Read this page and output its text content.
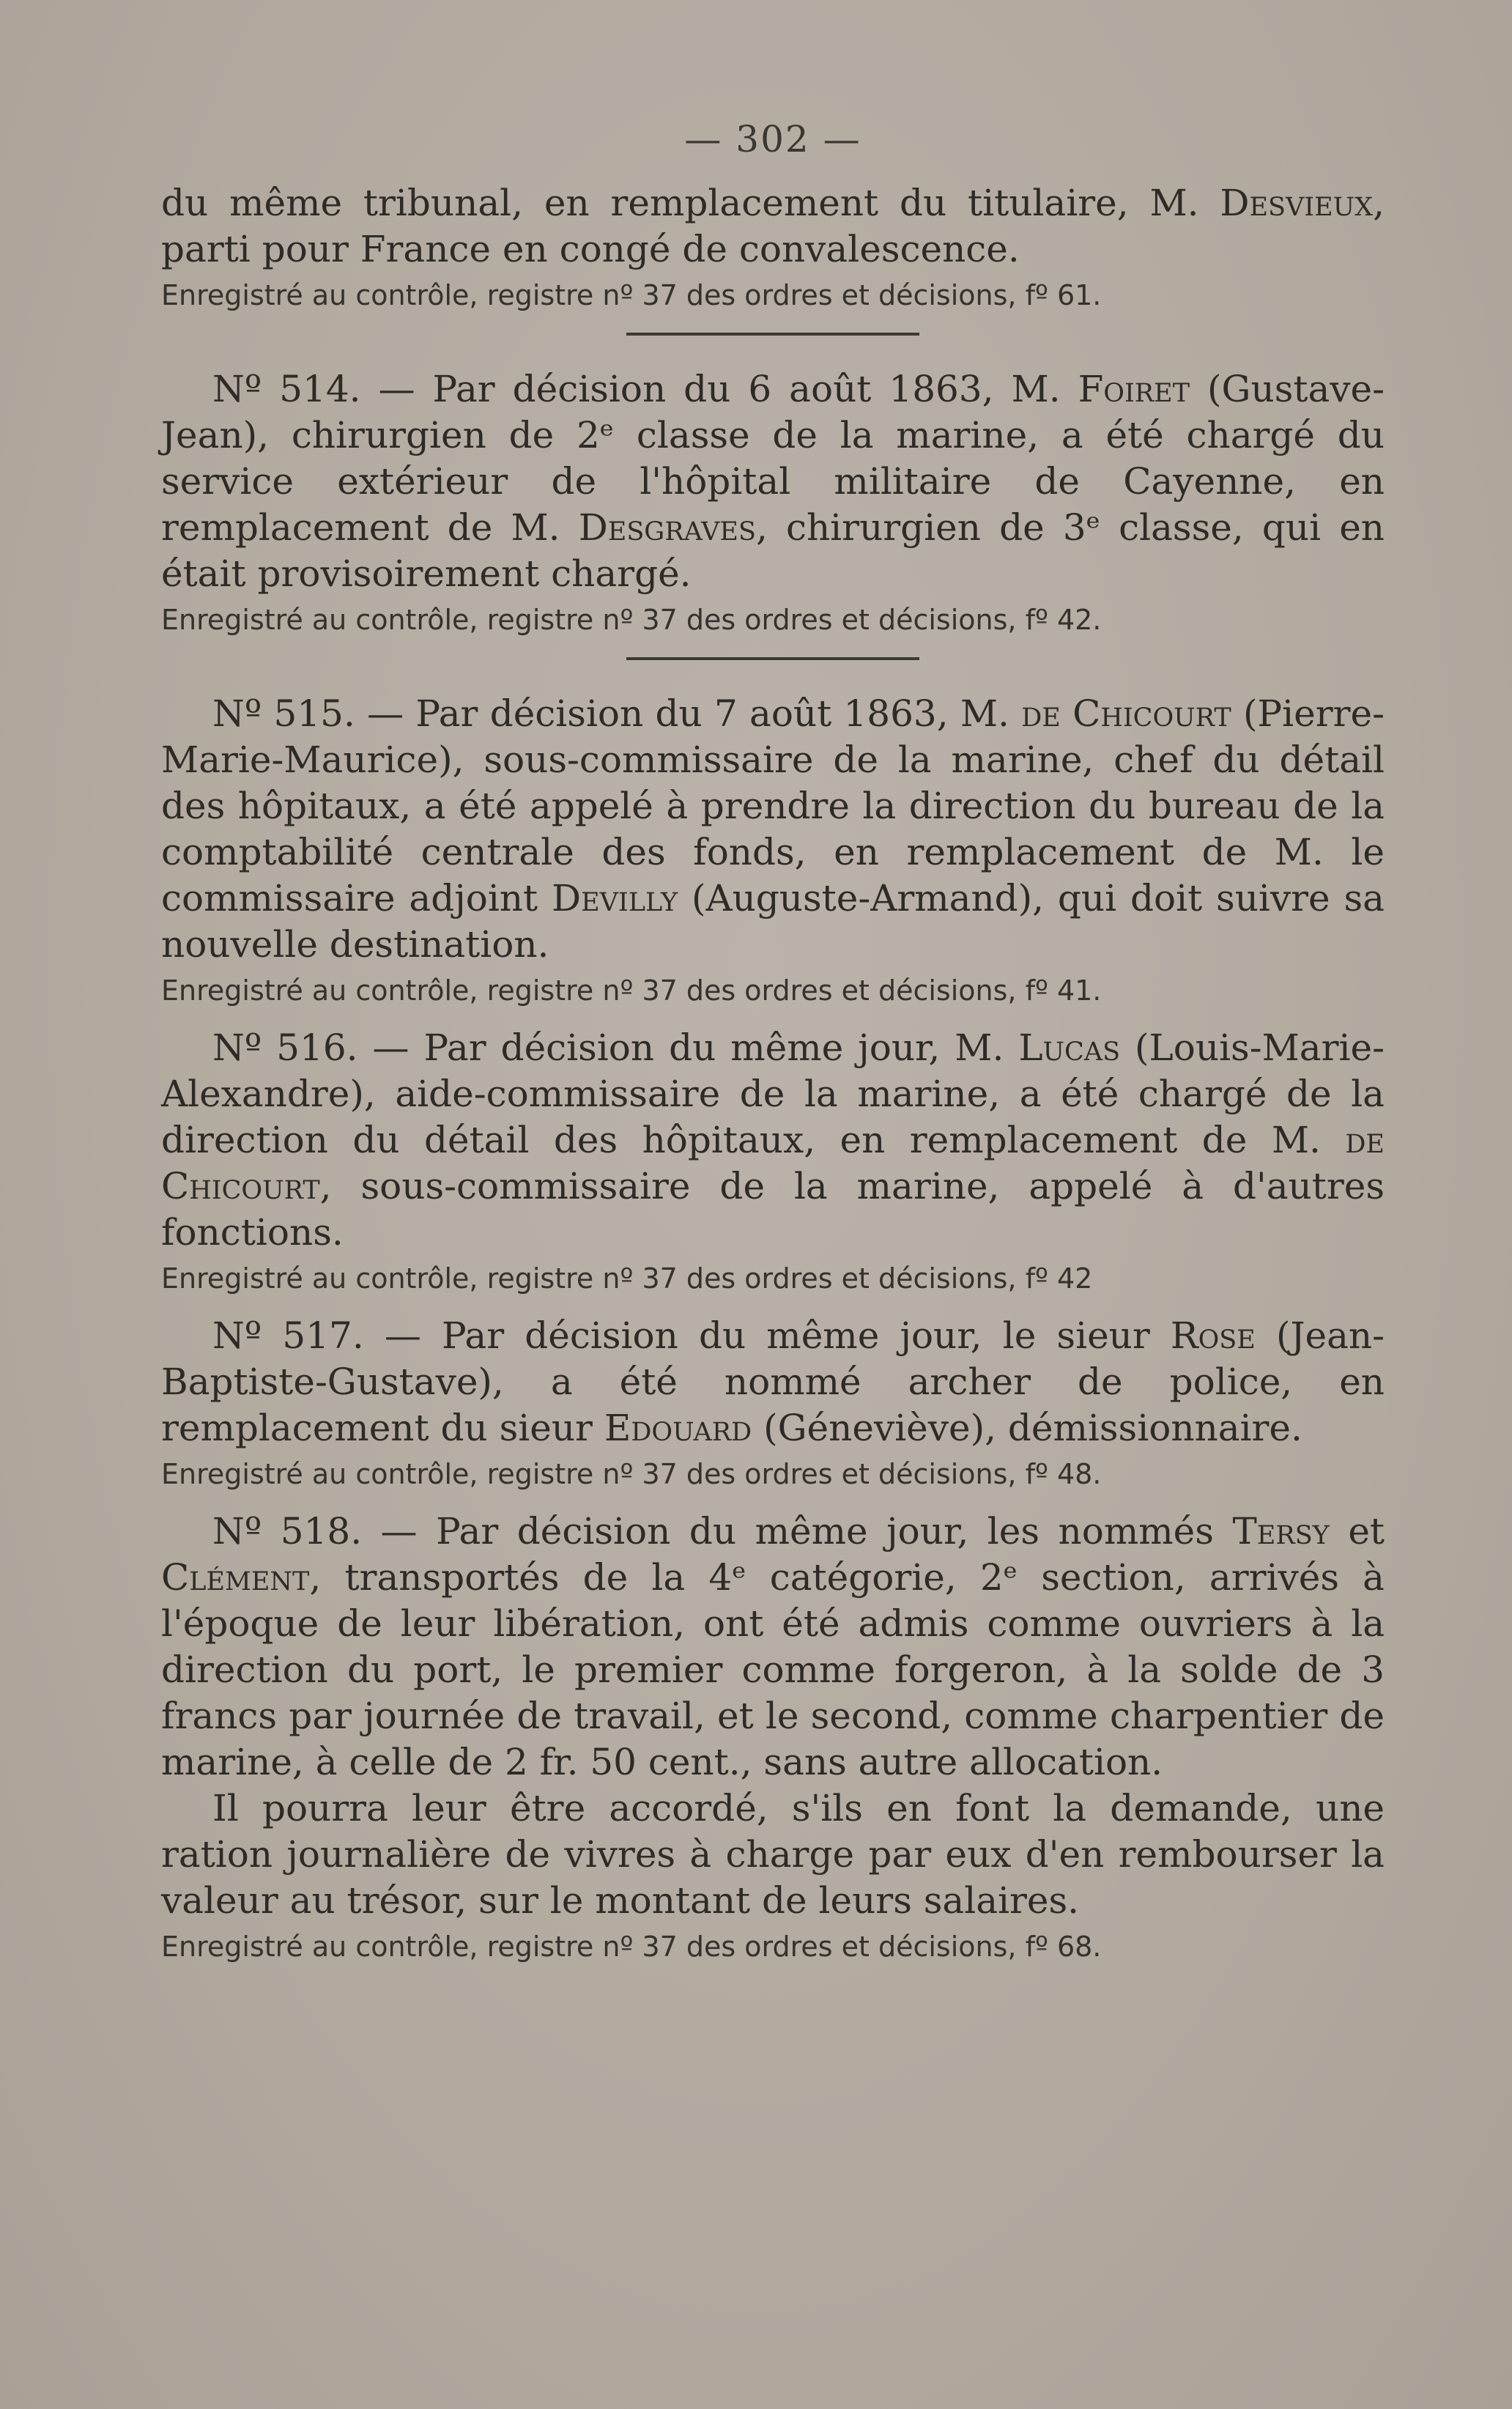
— 302 —

du même tribunal, en remplacement du titulaire, M. Desvieux, parti pour France en congé de convalescence.

Enregistré au contrôle, registre nº 37 des ordres et décisions, fº 61.

Nº 514. — Par décision du 6 août 1863, M. Foiret (Gustave-Jean), chirurgien de 2ᵉ classe de la marine, a été chargé du service extérieur de l'hôpital militaire de Cayenne, en remplacement de M. Desgraves, chirurgien de 3ᵉ classe, qui en était provisoirement chargé.

Enregistré au contrôle, registre nº 37 des ordres et décisions, fº 42.

Nº 515. — Par décision du 7 août 1863, M. de Chicourt (Pierre-Marie-Maurice), sous-commissaire de la marine, chef du détail des hôpitaux, a été appelé à prendre la direction du bureau de la comptabilité centrale des fonds, en remplacement de M. le commissaire adjoint Devilly (Auguste-Armand), qui doit suivre sa nouvelle destination.

Enregistré au contrôle, registre nº 37 des ordres et décisions, fº 41.

Nº 516. — Par décision du même jour, M. Lucas (Louis-Marie-Alexandre), aide-commissaire de la marine, a été chargé de la direction du détail des hôpitaux, en remplacement de M. de Chicourt, sous-commissaire de la marine, appelé à d'autres fonctions.

Enregistré au contrôle, registre nº 37 des ordres et décisions, fº 42

Nº 517. — Par décision du même jour, le sieur Rose (Jean-Baptiste-Gustave), a été nommé archer de police, en remplacement du sieur Edouard (Géneviève), démissionnaire.

Enregistré au contrôle, registre nº 37 des ordres et décisions, fº 48.

Nº 518. — Par décision du même jour, les nommés Tersy et Clément, transportés de la 4ᵉ catégorie, 2ᵉ section, arrivés à l'époque de leur libération, ont été admis comme ouvriers à la direction du port, le premier comme forgeron, à la solde de 3 francs par journée de travail, et le second, comme charpentier de marine, à celle de 2 fr. 50 cent., sans autre allocation.

Il pourra leur être accordé, s'ils en font la demande, une ration journalière de vivres à charge par eux d'en rembourser la valeur au trésor, sur le montant de leurs salaires.

Enregistré au contrôle, registre nº 37 des ordres et décisions, fº 68.
